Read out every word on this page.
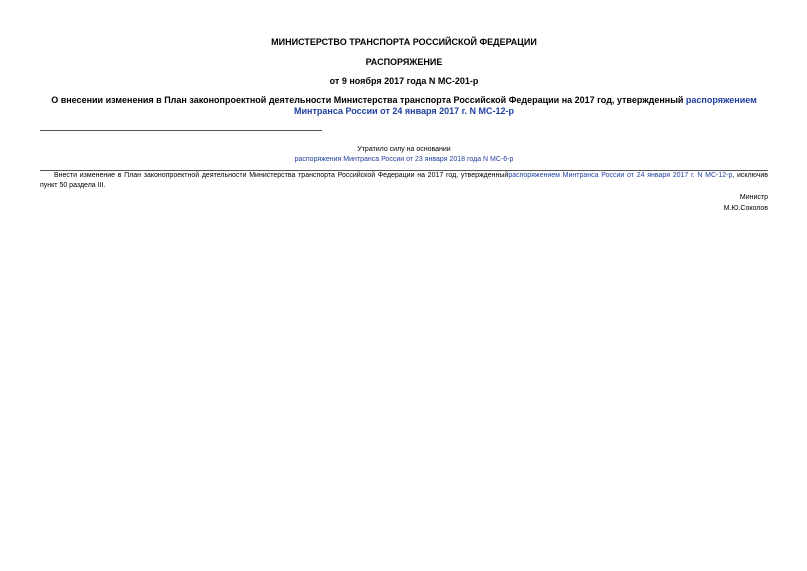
МИНИСТЕРСТВО ТРАНСПОРТА РОССИЙСКОЙ ФЕДЕРАЦИИ
РАСПОРЯЖЕНИЕ
от 9 ноября 2017 года N МС-201-р
О внесении изменения в План законопроектной деятельности Министерства транспорта Российской Федерации на 2017 год, утвержденный распоряжением Минтранса России от 24 января 2017 г. N МС-12-р
Утратило силу на основании
распоряжения Минтранса России от 23 января 2018 года N МС-6-р
Внести изменение в План законопроектной деятельности Министерства транспорта Российской Федерации на 2017 год, утвержденныйраспоряжением Минтранса России от 24 января 2017 г. N МС-12-р, исключив пункт 50 раздела III.
Министр
М.Ю.Соколов
